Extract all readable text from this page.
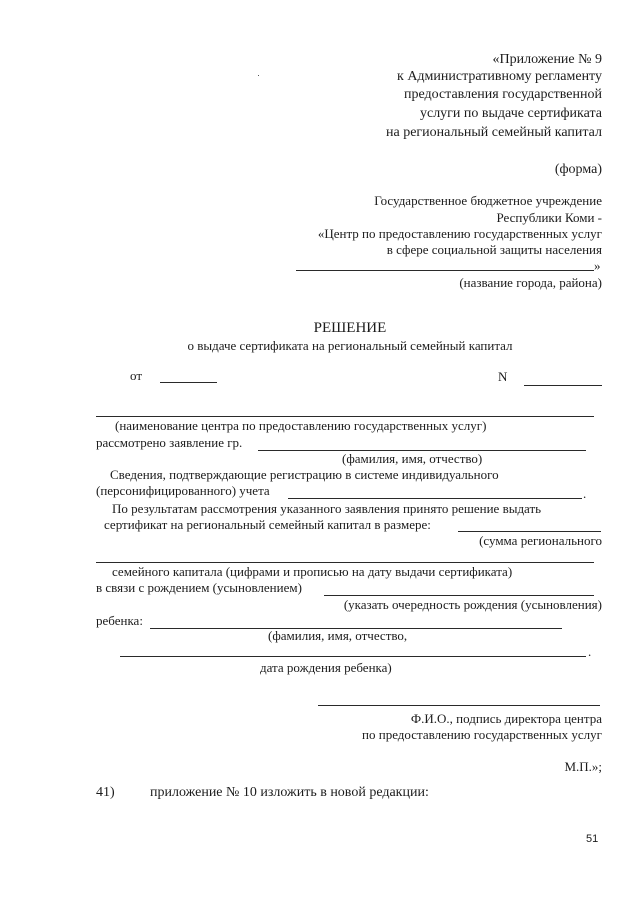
«Приложение № 9
к Административному регламенту
предоставления государственной
услуги по выдаче сертификата
на региональный семейный капитал
(форма)
Государственное бюджетное учреждение
Республики Коми -
«Центр по предоставлению государственных услуг
в сфере социальной защиты населения
»
(название города, района)
РЕШЕНИЕ
о выдаче сертификата на региональный семейный капитал
от	N
(наименование центра по предоставлению государственных услуг)
рассмотрено заявление гр.
(фамилия, имя, отчество)
Сведения, подтверждающие регистрацию в системе индивидуального
(персонифицированного) учета	.
По результатам рассмотрения указанного заявления принято решение выдать
сертификат на региональный семейный капитал в размере:
(сумма регионального
семейного капитала (цифрами и прописью на дату выдачи сертификата)
в связи с рождением (усыновлением)
(указать очередность рождения (усыновления)
ребенка:
(фамилия, имя, отчество,
.
дата рождения ребенка)
Ф.И.О., подпись директора центра
по предоставлению государственных услуг
М.П.»;
41)	приложение № 10 изложить в новой редакции:
51
